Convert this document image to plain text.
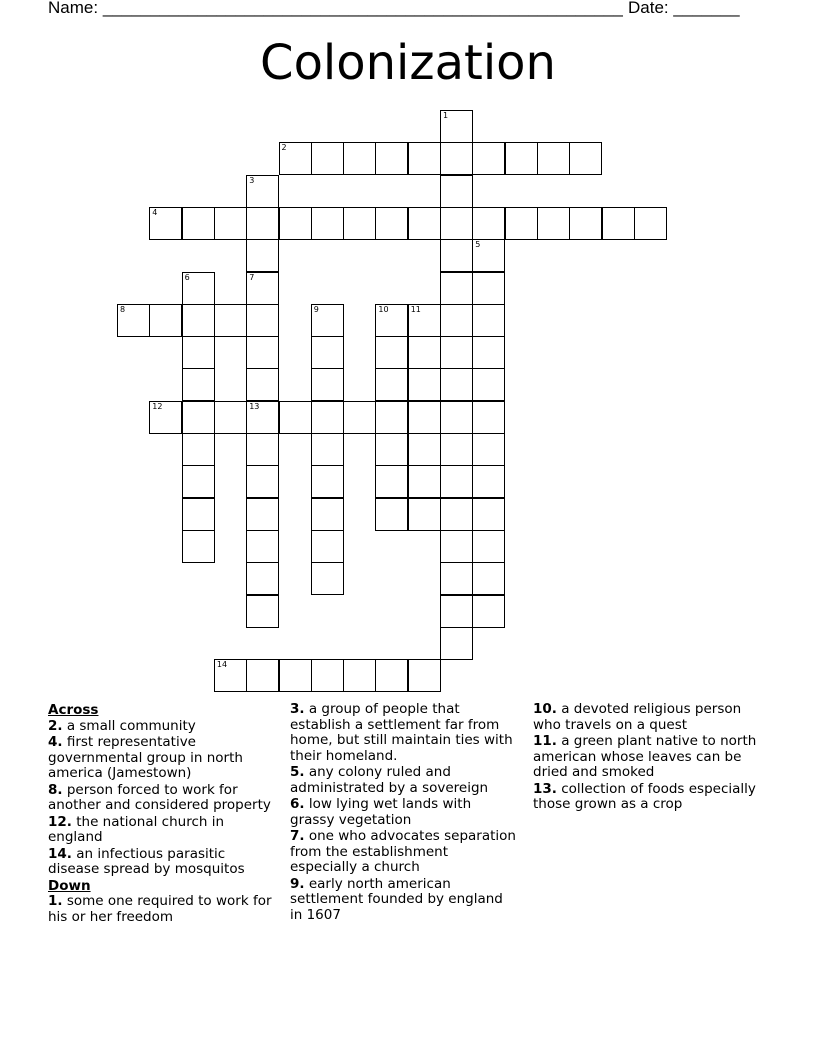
Name: _______________________________________________________ Date: _______
Colonization
1
2
3
7
4
5
6
13
8	9	10	11
12
14
Across
2. a small community
4. first representative governmental group in north america (Jamestown)
8. person forced to work for another and considered property
12. the national church in england
14. an infectious parasitic disease spread by mosquitos
Down
1. some one required to work for his or her freedom
3. a group of people that establish a settlement far from home, but still maintain ties with their homeland.
5. any colony ruled and administrated by a sovereign
6. low lying wet lands with grassy vegetation
7. one who advocates separation from the establishment especially a church
9. early north american settlement founded by england in 1607
10. a devoted religious person who travels on a quest
11. a green plant native to north american whose leaves can be dried and smoked
13. collection of foods especially those grown as a crop
